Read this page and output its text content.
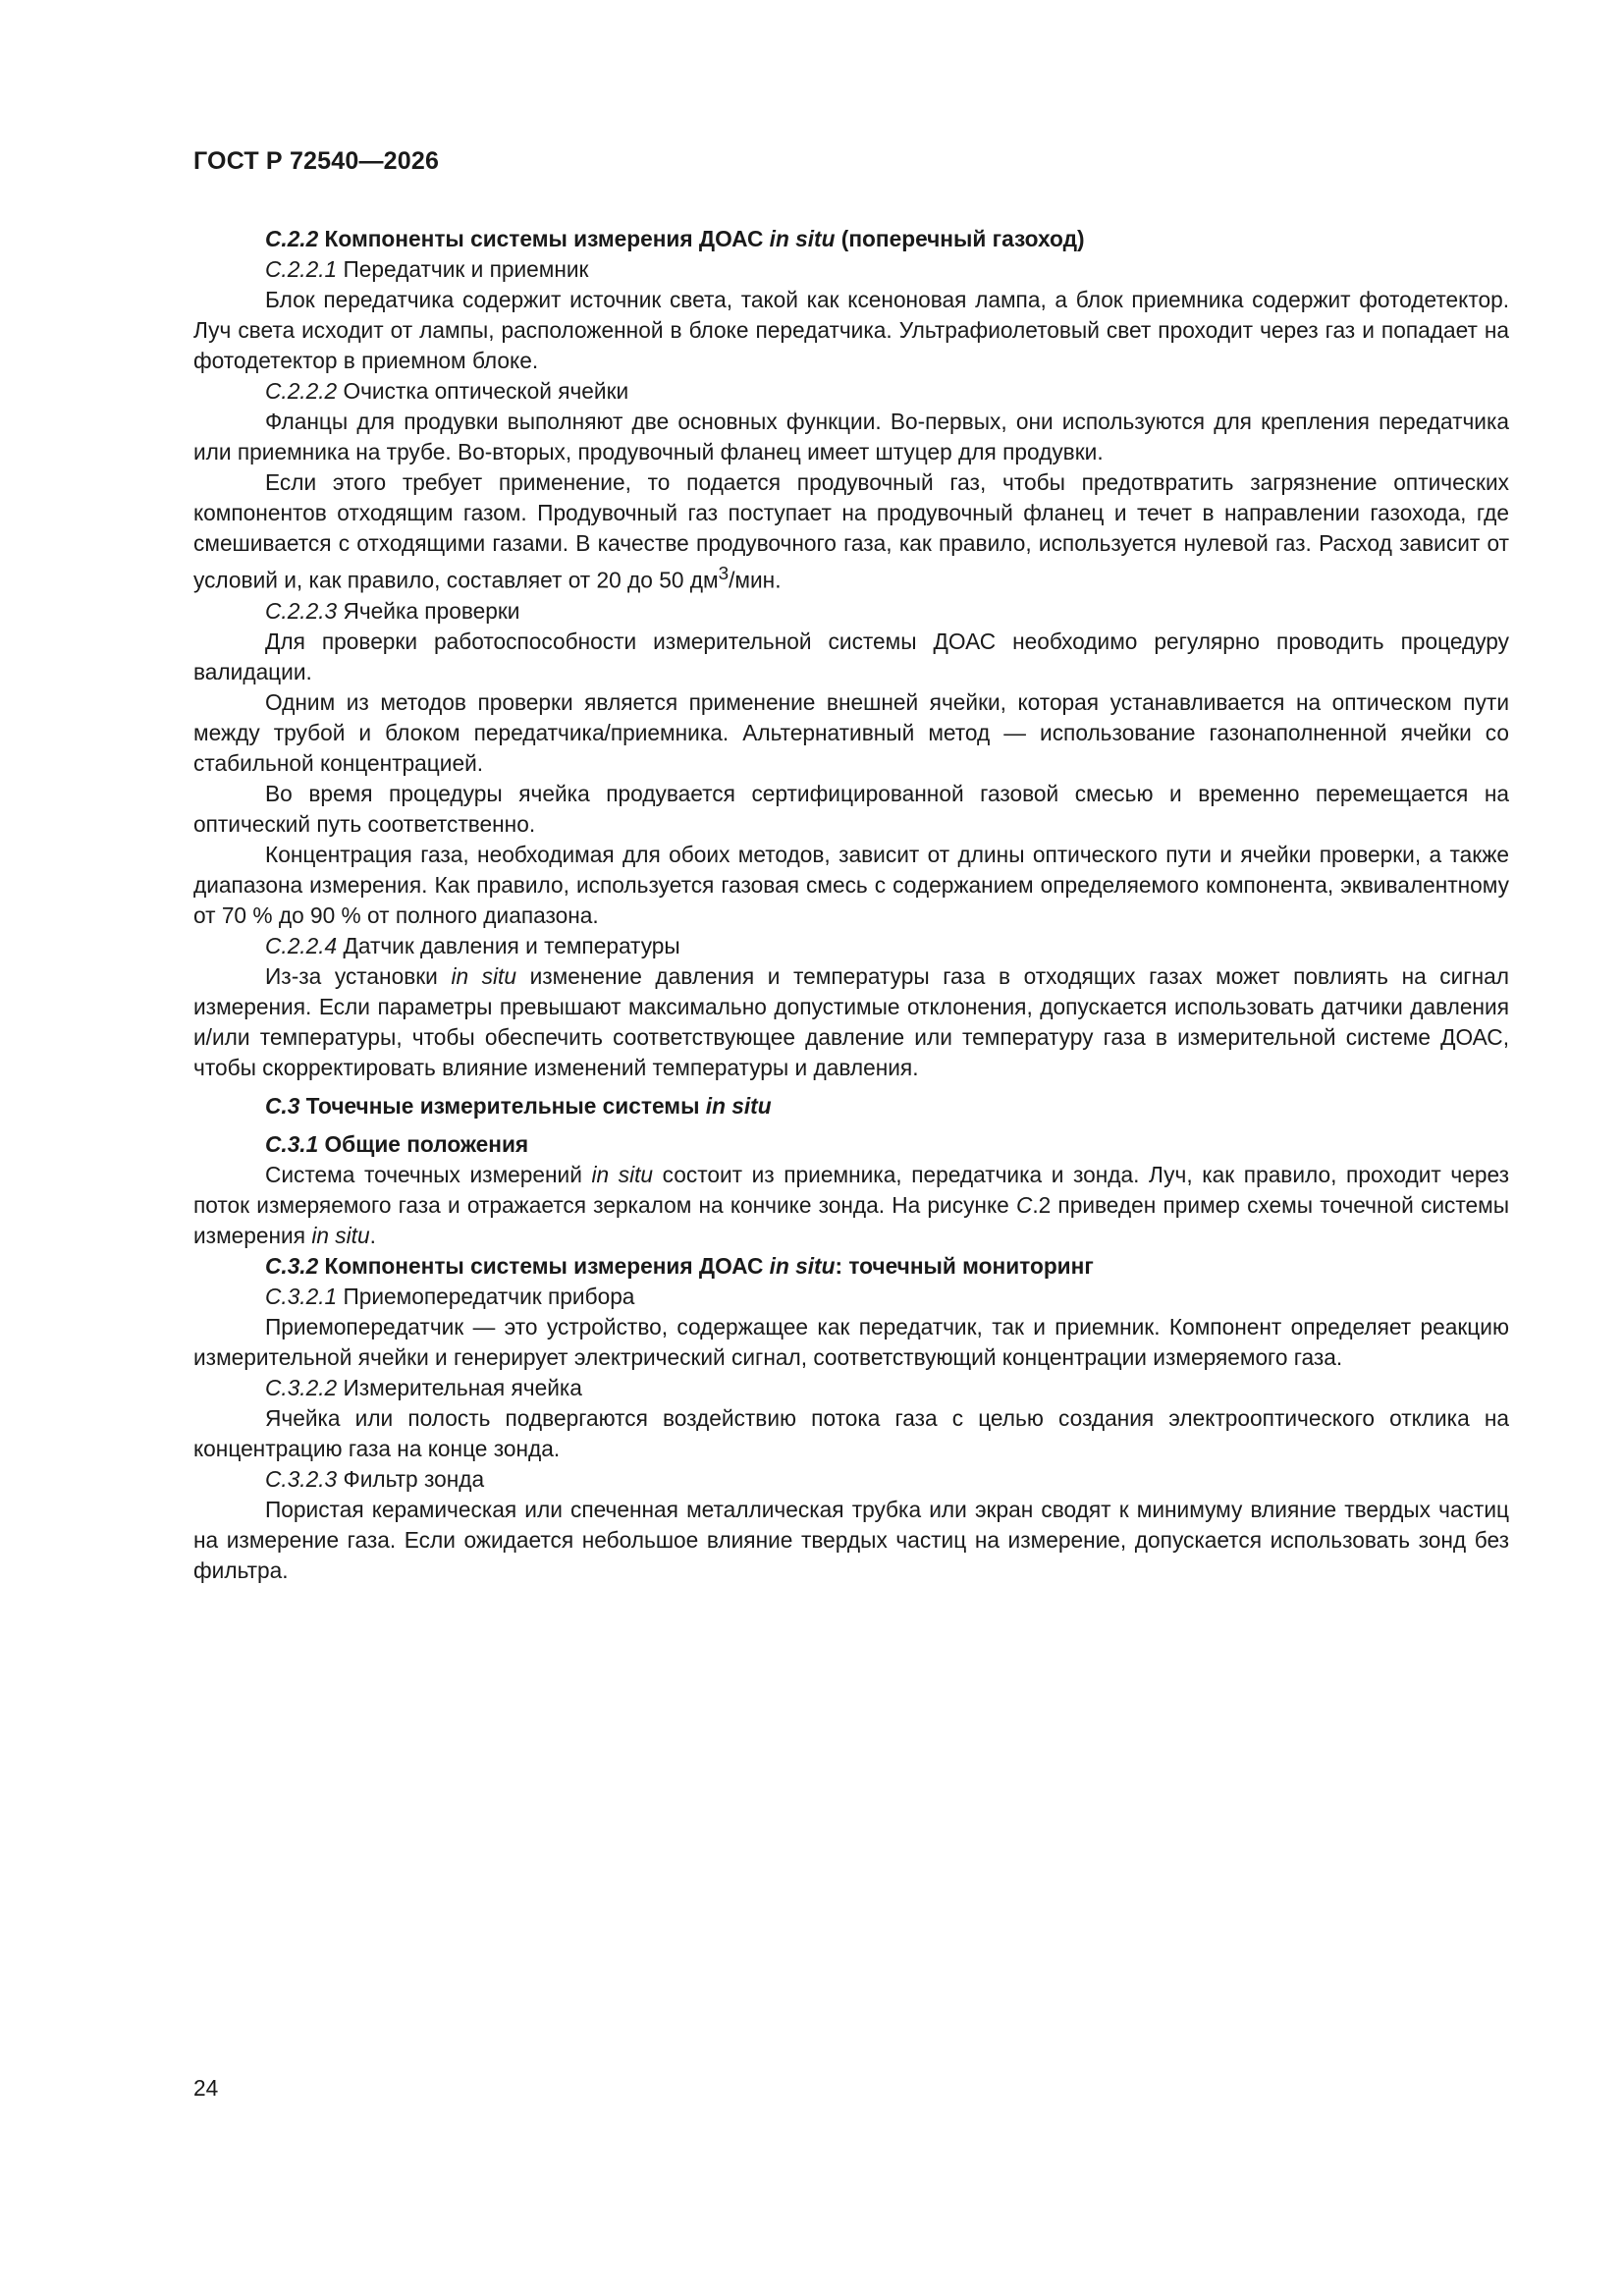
ГОСТ Р 72540—2026

С.2.2 Компоненты системы измерения ДОАС in situ (поперечный газоход)

С.2.2.1 Передатчик и приемник

Блок передатчика содержит источник света, такой как ксеноновая лампа, а блок приемника содержит фотодетектор. Луч света исходит от лампы, расположенной в блоке передатчика. Ультрафиолетовый свет проходит через газ и попадает на фотодетектор в приемном блоке.

С.2.2.2 Очистка оптической ячейки

Фланцы для продувки выполняют две основных функции. Во-первых, они используются для крепления передатчика или приемника на трубе. Во-вторых, продувочный фланец имеет штуцер для продувки.

Если этого требует применение, то подается продувочный газ, чтобы предотвратить загрязнение оптических компонентов отходящим газом. Продувочный газ поступает на продувочный фланец и течет в направлении газохода, где смешивается с отходящими газами. В качестве продувочного газа, как правило, используется нулевой газ. Расход зависит от условий и, как правило, составляет от 20 до 50 $дм^3$/мин.

С.2.2.3 Ячейка проверки

Для проверки работоспособности измерительной системы ДОАС необходимо регулярно проводить процедуру валидации.

Одним из методов проверки является применение внешней ячейки, которая устанавливается на оптическом пути между трубой и блоком передатчика/приемника. Альтернативный метод — использование газонаполненной ячейки со стабильной концентрацией.

Во время процедуры ячейка продувается сертифицированной газовой смесью и временно перемещается на оптический путь соответственно.

Концентрация газа, необходимая для обоих методов, зависит от длины оптического пути и ячейки проверки, а также диапазона измерения. Как правило, используется газовая смесь с содержанием определяемого компонента, эквивалентному от 70 % до 90 % от полного диапазона.

С.2.2.4 Датчик давления и температуры

Из-за установки in situ изменение давления и температуры газа в отходящих газах может повлиять на сигнал измерения. Если параметры превышают максимально допустимые отклонения, допускается использовать датчики давления и/или температуры, чтобы обеспечить соответствующее давление или температуру газа в измерительной системе ДОАС, чтобы скорректировать влияние изменений температуры и давления.

С.3 Точечные измерительные системы in situ

С.3.1 Общие положения

Система точечных измерений in situ состоит из приемника, передатчика и зонда. Луч, как правило, проходит через поток измеряемого газа и отражается зеркалом на кончике зонда. На рисунке С.2 приведен пример схемы точечной системы измерения in situ.

С.3.2 Компоненты системы измерения ДОАС in situ: точечный мониторинг

С.3.2.1 Приемопередатчик прибора

Приемопередатчик — это устройство, содержащее как передатчик, так и приемник. Компонент определяет реакцию измерительной ячейки и генерирует электрический сигнал, соответствующий концентрации измеряемого газа.

С.3.2.2 Измерительная ячейка

Ячейка или полость подвергаются воздействию потока газа с целью создания электрооптического отклика на концентрацию газа на конце зонда.

С.3.2.3 Фильтр зонда

Пористая керамическая или спеченная металлическая трубка или экран сводят к минимуму влияние твердых частиц на измерение газа. Если ожидается небольшое влияние твердых частиц на измерение, допускается использовать зонд без фильтра.

24
